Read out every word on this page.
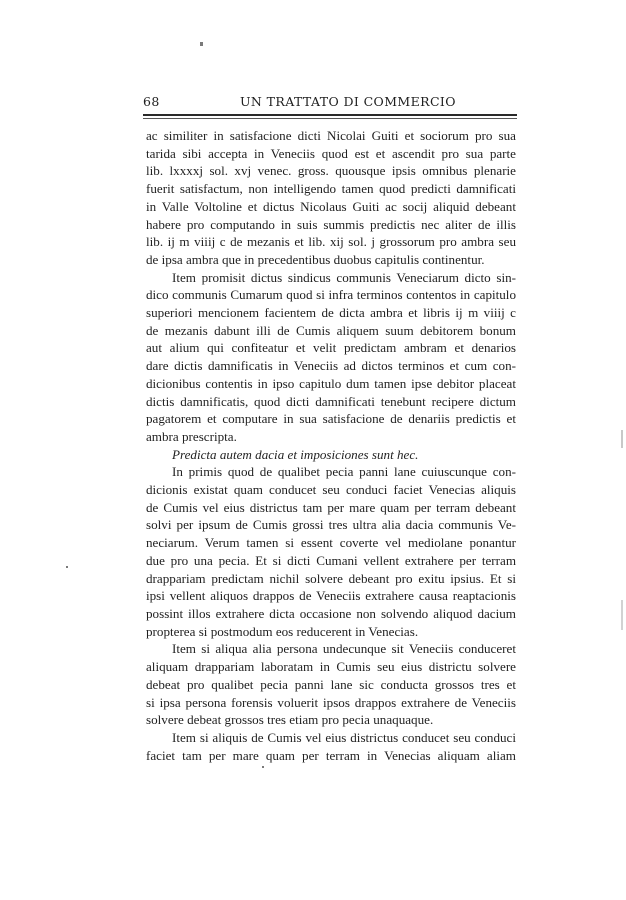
68	UN TRATTATO DI COMMERCIO
ac similiter in satisfacione dicti Nicolai Guiti et sociorum pro sua
tarida sibi accepta in Veneciis quod est et ascendit pro sua parte
lib. lxxxxj sol. xvj venec. gross. quousque ipsis omnibus plenarie
fuerit satisfactum, non intelligendo tamen quod predicti damnificati
in Valle Voltoline et dictus Nicolaus Guiti ac socij aliquid debeant
habere pro computando in suis summis predictis nec aliter de illis
lib. ij m viiij c de mezanis et lib. xij sol. j grossorum pro ambra seu
de ipsa ambra que in precedentibus duobus capitulis continentur.
Item promisit dictus sindicus communis Veneciarum dicto sin-
dico communis Cumarum quod si infra terminos contentos in capitulo
superiori mencionem facientem de dicta ambra et libris ij m viiij c
de mezanis dabunt illi de Cumis aliquem suum debitorem bonum
aut alium qui confiteatur et velit predictam ambram et denarios
dare dictis damnificatis in Veneciis ad dictos terminos et cum con-
dicionibus contentis in ipso capitulo dum tamen ipse debitor placeat
dictis damnificatis, quod dicti damnificati tenebunt recipere dictum
pagatorem et computare in sua satisfacione de denariis predictis et
ambra prescripta.
Predicta autem dacia et imposiciones sunt hec.
In primis quod de qualibet pecia panni lane cuiuscunque con-
dicionis existat quam conducet seu conduci faciet Venecias aliquis
de Cumis vel eius districtus tam per mare quam per terram debeant
solvi per ipsum de Cumis grossi tres ultra alia dacia communis Ve-
neciarum. Verum tamen si essent coverte vel mediolane ponantur
due pro una pecia. Et si dicti Cumani vellent extrahere per terram
drappariam predictam nichil solvere debeant pro exitu ipsius. Et si
ipsi vellent aliquos drappos de Veneciis extrahere causa reaptacionis
possint illos extrahere dicta occasione non solvendo aliquod dacium
propterea si postmodum eos reducerent in Venecias.
Item si aliqua alia persona undecunque sit Veneciis conduceret
aliquam drappariam laboratam in Cumis seu eius districtu solvere
debeat pro qualibet pecia panni lane sic conducta grossos tres et
si ipsa persona forensis voluerit ipsos drappos extrahere de Veneciis
solvere debeat grossos tres etiam pro pecia unaquaque.
Item si aliquis de Cumis vel eius districtus conducet seu conduci
faciet tam per mare quam per terram in Venecias aliquam aliam
